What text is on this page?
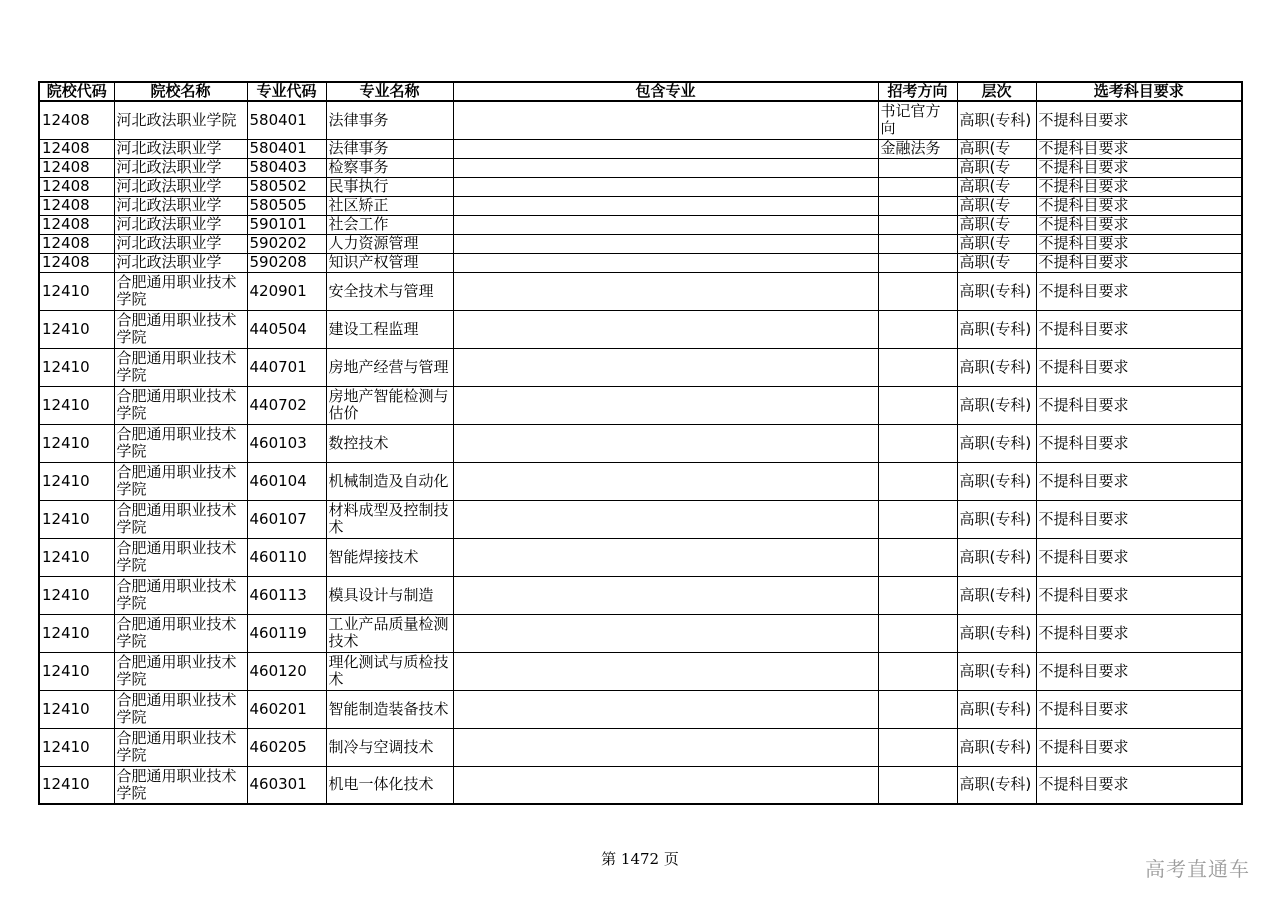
院校代码	院校名称	专业代码	专业名称	包含专业	招考方向	层次	选考科目要求
12408	河北政法职业学院	580401	法律事务		书记官方向	高职(专科)	不提科目要求
12408	河北政法职业学	580401	法律事务		金融法务	高职(专	不提科目要求
12408	河北政法职业学	580403	检察事务			高职(专	不提科目要求
12408	河北政法职业学	580502	民事执行			高职(专	不提科目要求
12408	河北政法职业学	580505	社区矫正			高职(专	不提科目要求
12408	河北政法职业学	590101	社会工作			高职(专	不提科目要求
12408	河北政法职业学	590202	人力资源管理			高职(专	不提科目要求
12408	河北政法职业学	590208	知识产权管理			高职(专	不提科目要求
12410	合肥通用职业技术学院	420901	安全技术与管理			高职(专科)	不提科目要求
12410	合肥通用职业技术学院	440504	建设工程监理			高职(专科)	不提科目要求
12410	合肥通用职业技术学院	440701	房地产经营与管理			高职(专科)	不提科目要求
12410	合肥通用职业技术学院	440702	房地产智能检测与估价			高职(专科)	不提科目要求
12410	合肥通用职业技术学院	460103	数控技术			高职(专科)	不提科目要求
12410	合肥通用职业技术学院	460104	机械制造及自动化			高职(专科)	不提科目要求
12410	合肥通用职业技术学院	460107	材料成型及控制技术			高职(专科)	不提科目要求
12410	合肥通用职业技术学院	460110	智能焊接技术			高职(专科)	不提科目要求
12410	合肥通用职业技术学院	460113	模具设计与制造			高职(专科)	不提科目要求
12410	合肥通用职业技术学院	460119	工业产品质量检测技术			高职(专科)	不提科目要求
12410	合肥通用职业技术学院	460120	理化测试与质检技术			高职(专科)	不提科目要求
12410	合肥通用职业技术学院	460201	智能制造装备技术			高职(专科)	不提科目要求
12410	合肥通用职业技术学院	460205	制冷与空调技术			高职(专科)	不提科目要求
12410	合肥通用职业技术学院	460301	机电一体化技术			高职(专科)	不提科目要求
第 1472 页	高考直通车
